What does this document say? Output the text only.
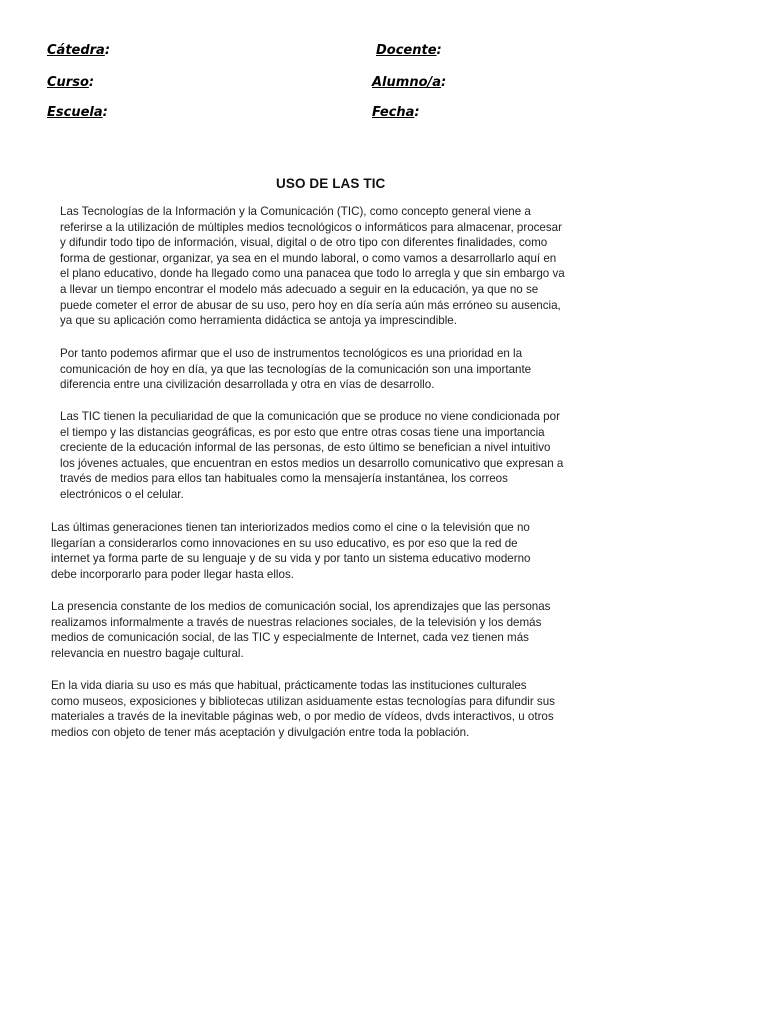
Cátedra:	Docente:
Curso:	Alumno/a:
Escuela:	Fecha:
USO DE LAS TIC
Las Tecnologías de la Información y la Comunicación (TIC), como concepto general viene a
referirse a la utilización de múltiples medios tecnológicos o informáticos para almacenar, procesar
y difundir todo tipo de información, visual, digital o de otro tipo con diferentes finalidades, como
forma de gestionar, organizar, ya sea en el mundo laboral, o como vamos a desarrollarlo aquí en
el plano educativo, donde ha llegado como una panacea que todo lo arregla y que sin embargo va
a llevar un tiempo encontrar el modelo más adecuado a seguir en la educación, ya que no se
puede cometer el error de abusar de su uso, pero hoy en día sería aún más erróneo su ausencia,
ya que su aplicación como herramienta didáctica se antoja ya imprescindible.
Por tanto podemos afirmar que el uso de instrumentos tecnológicos es una prioridad en la
comunicación de hoy en día, ya que las tecnologías de la comunicación son una importante
diferencia entre una civilización desarrollada y otra en vías de desarrollo.
Las TIC tienen la peculiaridad de que la comunicación que se produce no viene condicionada por
el tiempo y las distancias geográficas, es por esto que entre otras cosas tiene una importancia
creciente de la educación informal de las personas, de esto último se benefician a nivel intuitivo
los jóvenes actuales, que encuentran en estos medios un desarrollo comunicativo que expresan a
través de medios para ellos tan habituales como la mensajería instantánea, los correos
electrónicos o el celular.
Las últimas generaciones tienen tan interiorizados medios como el cine o la televisión que no
llegarían a considerarlos como innovaciones en su uso educativo, es por eso que la red de
internet ya forma parte de su lenguaje y de su vida y por tanto un sistema educativo moderno
debe incorporarlo para poder llegar hasta ellos.
La presencia constante de los medios de comunicación social, los aprendizajes que las personas
realizamos informalmente a través de nuestras relaciones sociales, de la televisión y los demás
medios de comunicación social, de las TIC y especialmente de Internet, cada vez tienen más
relevancia en nuestro bagaje cultural.
En la vida diaria su uso es más que habitual, prácticamente todas las instituciones culturales
como museos, exposiciones y bibliotecas utilizan asiduamente estas tecnologías para difundir sus
materiales a través de la inevitable páginas web, o por medio de vídeos, dvds interactivos, u otros
medios con objeto de tener más aceptación y divulgación entre toda la población.
